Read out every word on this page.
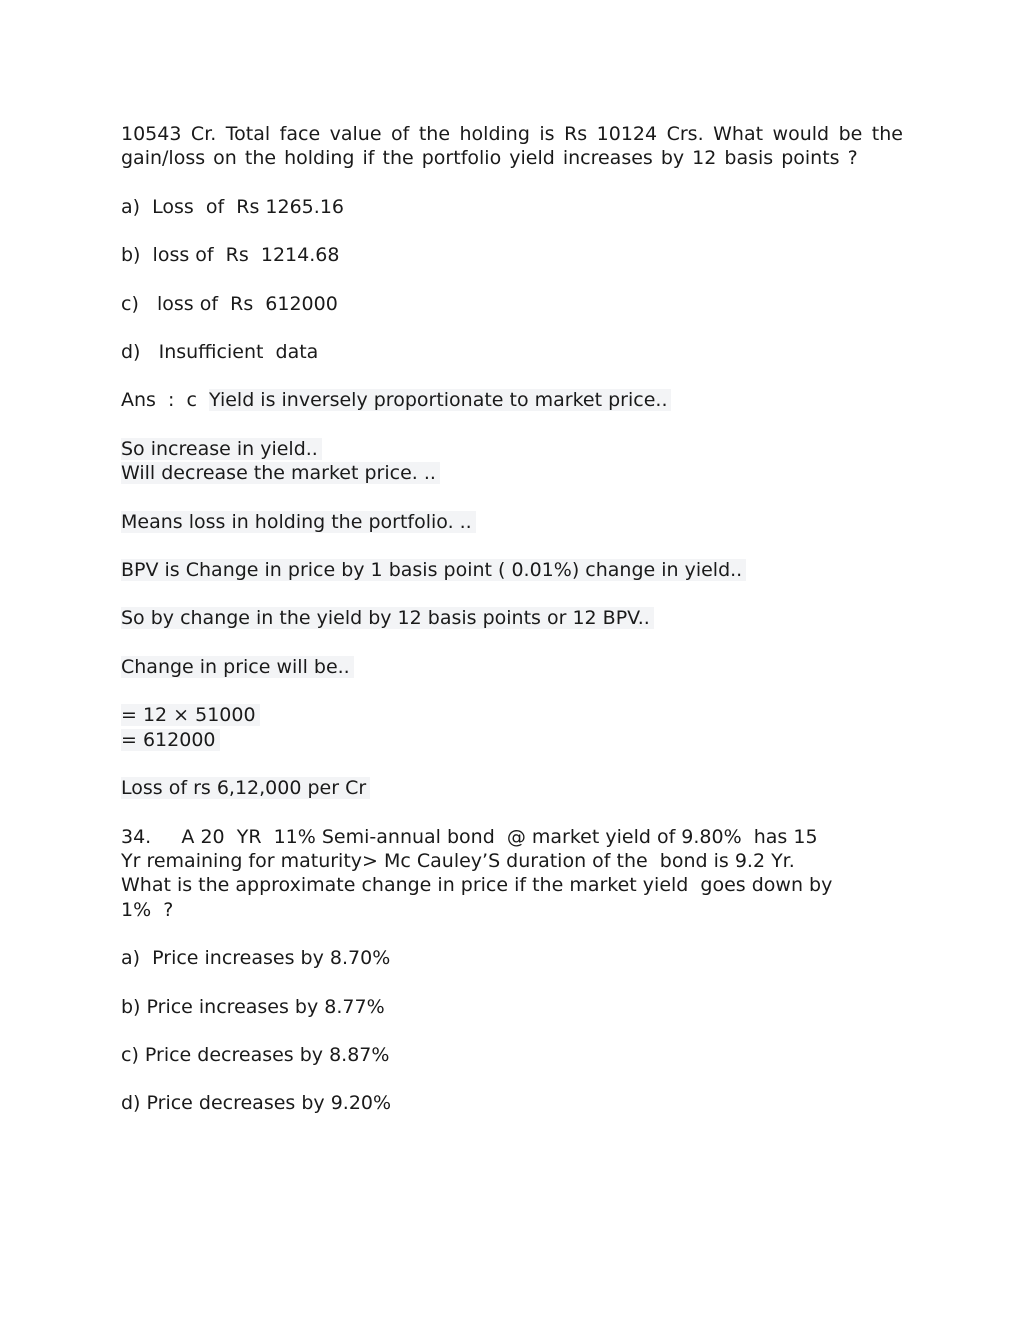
10543 Cr. Total face value of the holding is Rs 10124 Crs. What would be the gain/loss on the holding if the portfolio yield increases by 12 basis points ?

a)  Loss  of  Rs 1265.16
b)  loss of  Rs  1214.68
c)   loss of  Rs  612000
d)   Insufficient  data
Ans  :  c  Yield is inversely proportionate to market price..
So increase in yield..
Will decrease the market price. ..
Means loss in holding the portfolio. ..
BPV is Change in price by 1 basis point ( 0.01%) change in yield..
So by change in the yield by 12 basis points or 12 BPV..
Change in price will be..
= 12 × 51000
= 612000
Loss of rs 6,12,000 per Cr
34.     A 20  YR  11% Semi-annual bond  @ market yield of 9.80%  has 15
Yr remaining for maturity> Mc Cauley’S duration of the  bond is 9.2 Yr.
What is the approximate change in price if the market yield  goes down by
1%  ?
a)  Price increases by 8.70%
b) Price increases by 8.77%
c) Price decreases by 8.87%
d) Price decreases by 9.20%
